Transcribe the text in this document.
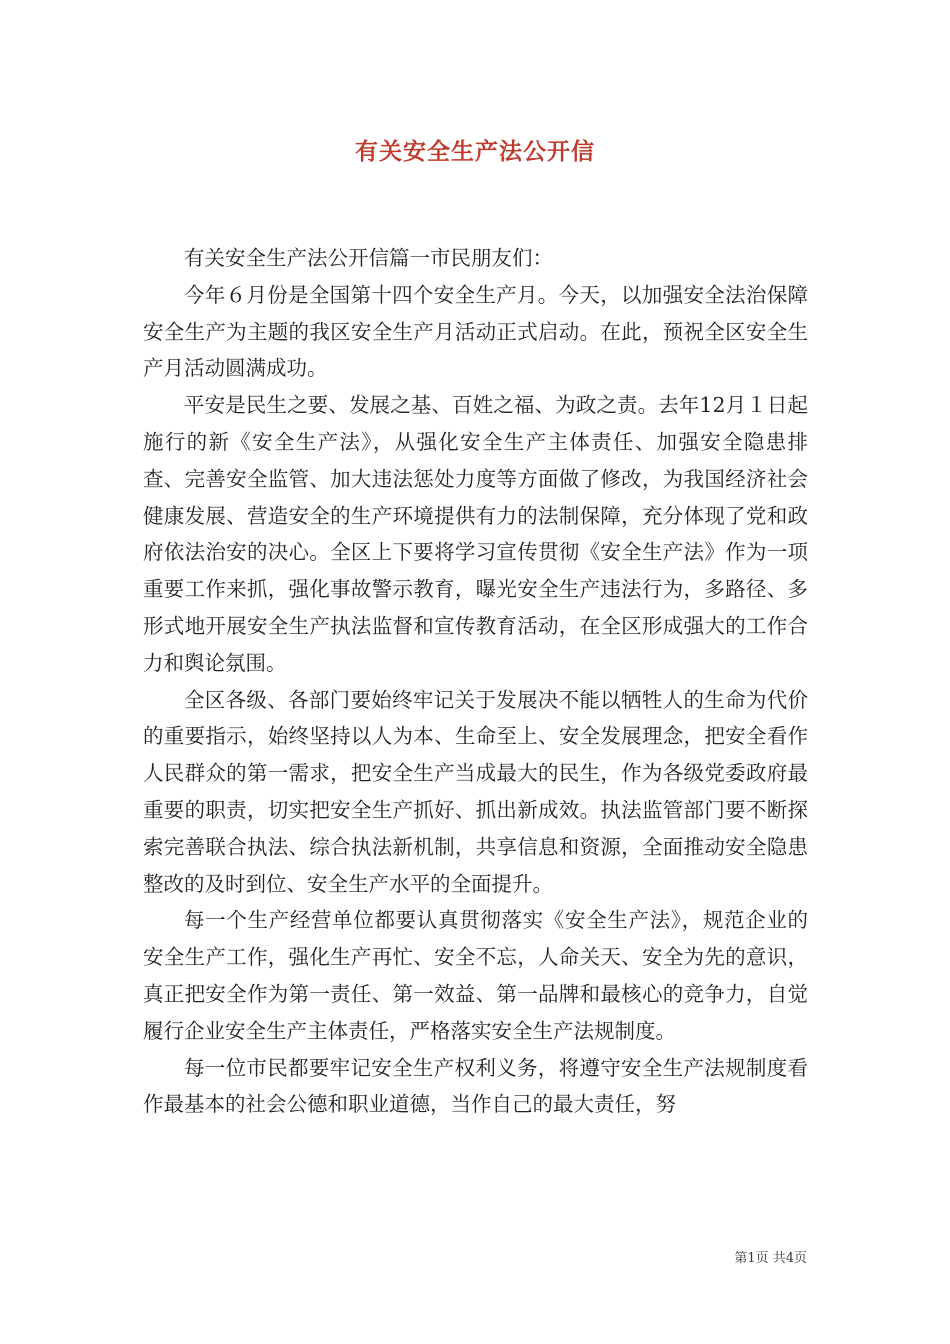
有关安全生产法公开信

有关安全生产法公开信篇一市民朋友们：

今年６月份是全国第十四个安全生产月。今天，以加强安全法治保障安全生产为主题的我区安全生产月活动正式启动。在此，预祝全区安全生产月活动圆满成功。

平安是民生之要、发展之基、百姓之福、为政之责。去年12月１日起施行的新《安全生产法》，从强化安全生产主体责任、加强安全隐患排查、完善安全监管、加大违法惩处力度等方面做了修改，为我国经济社会健康发展、营造安全的生产环境提供有力的法制保障，充分体现了党和政府依法治安的决心。全区上下要将学习宣传贯彻《安全生产法》作为一项重要工作来抓，强化事故警示教育，曝光安全生产违法行为，多路径、多形式地开展安全生产执法监督和宣传教育活动，在全区形成强大的工作合力和舆论氛围。

全区各级、各部门要始终牢记关于发展决不能以牺牲人的生命为代价的重要指示，始终坚持以人为本、生命至上、安全发展理念，把安全看作人民群众的第一需求，把安全生产当成最大的民生，作为各级党委政府最重要的职责，切实把安全生产抓好、抓出新成效。执法监管部门要不断探索完善联合执法、综合执法新机制，共享信息和资源，全面推动安全隐患整改的及时到位、安全生产水平的全面提升。

每一个生产经营单位都要认真贯彻落实《安全生产法》，规范企业的安全生产工作，强化生产再忙、安全不忘，人命关天、安全为先的意识，真正把安全作为第一责任、第一效益、第一品牌和最核心的竞争力，自觉履行企业安全生产主体责任，严格落实安全生产法规制度。

每一位市民都要牢记安全生产权利义务，将遵守安全生产法规制度看作最基本的社会公德和职业道德，当作自己的最大责任，努

第1页 共4页
